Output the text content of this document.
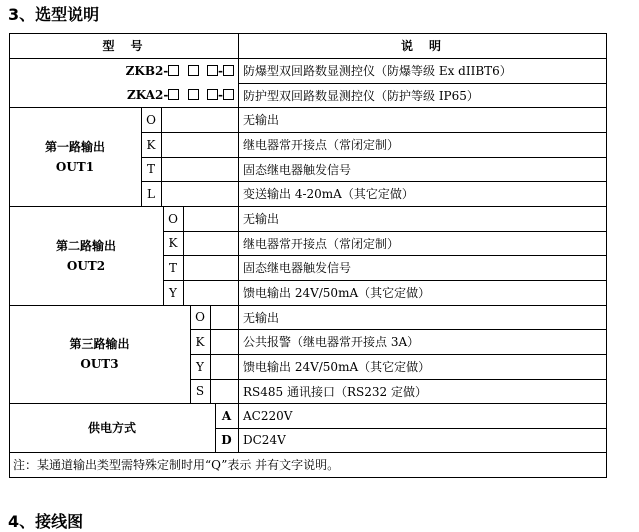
3、选型说明
型　号	说　明
ZKB2-	-	防爆型双回路数显测控仪（防爆等级 Ex dIIBT6）
ZKA2-	-	防护型双回路数显测控仪（防护等级 IP65）
第一路输出
OUT1
O	无输出
K	继电器常开接点（常闭定制）
T	固态继电器触发信号
L	变送输出 4-20mA（其它定做）
第二路输出
OUT2
O	无输出
K	继电器常开接点（常闭定制）
T	固态继电器触发信号
Y	馈电输出 24V/50mA（其它定做）
第三路输出
OUT3
O	无输出
K	公共报警（继电器常开接点 3A）
Y	馈电输出 24V/50mA（其它定做）
S	RS485 通讯接口（RS232 定做）
供电方式
A AC220V
D DC24V
注：某通道输出类型需特殊定制时用“Q”表示 并有文字说明。
4、接线图
